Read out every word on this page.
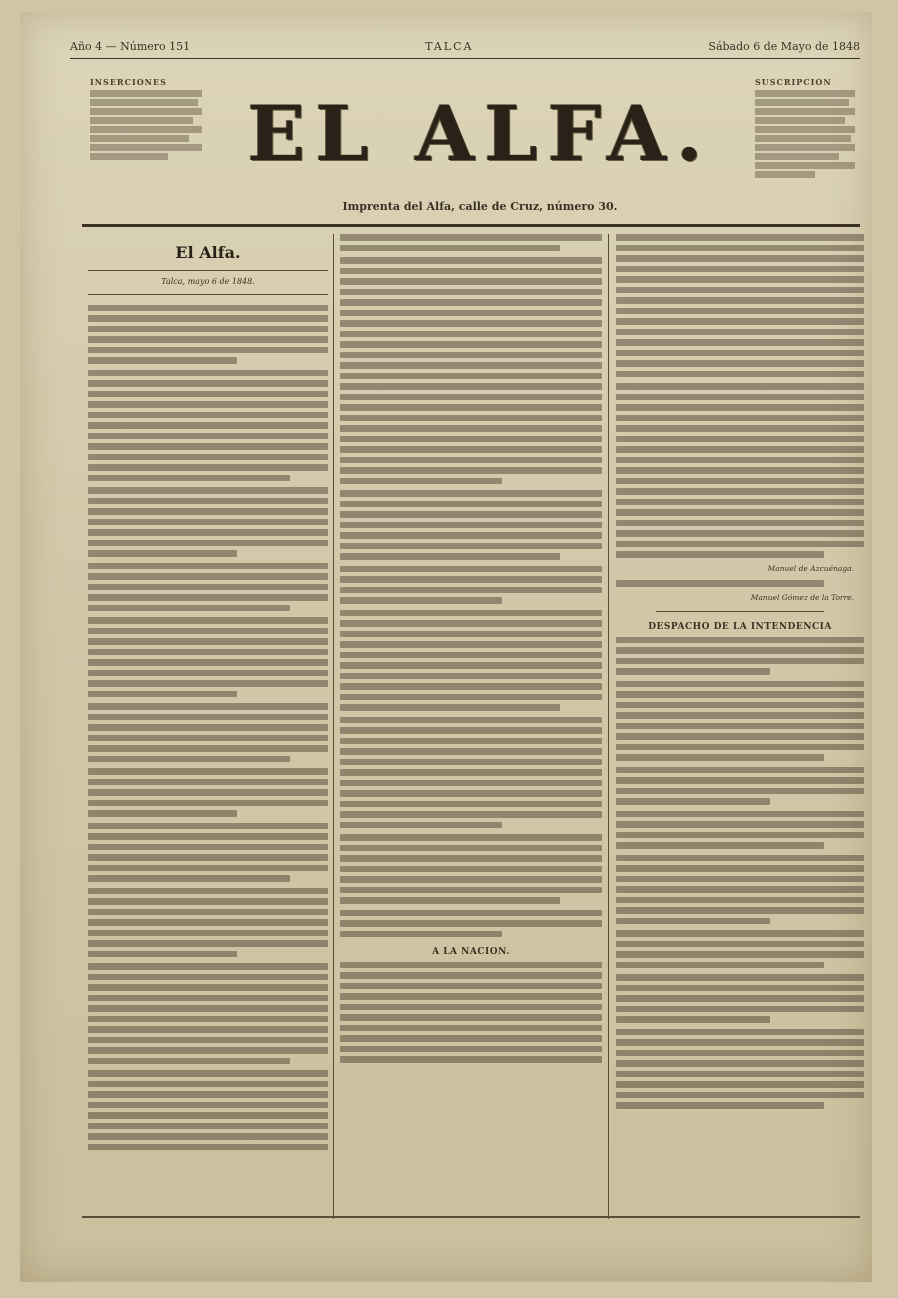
Año 4 — Número 151	TALCA	Sábado 6 de Mayo de 1848
INSERCIONES
EL ALFA.
SUSCRIPCION
Imprenta del Alfa, calle de Cruz, número 30.
El Alfa.
Talca, mayo 6 de 1848.
A LA NACION.
Manuel de Azcuénaga.
Manuel Gómez de la Torre.
DESPACHO DE LA INTENDENCIA
